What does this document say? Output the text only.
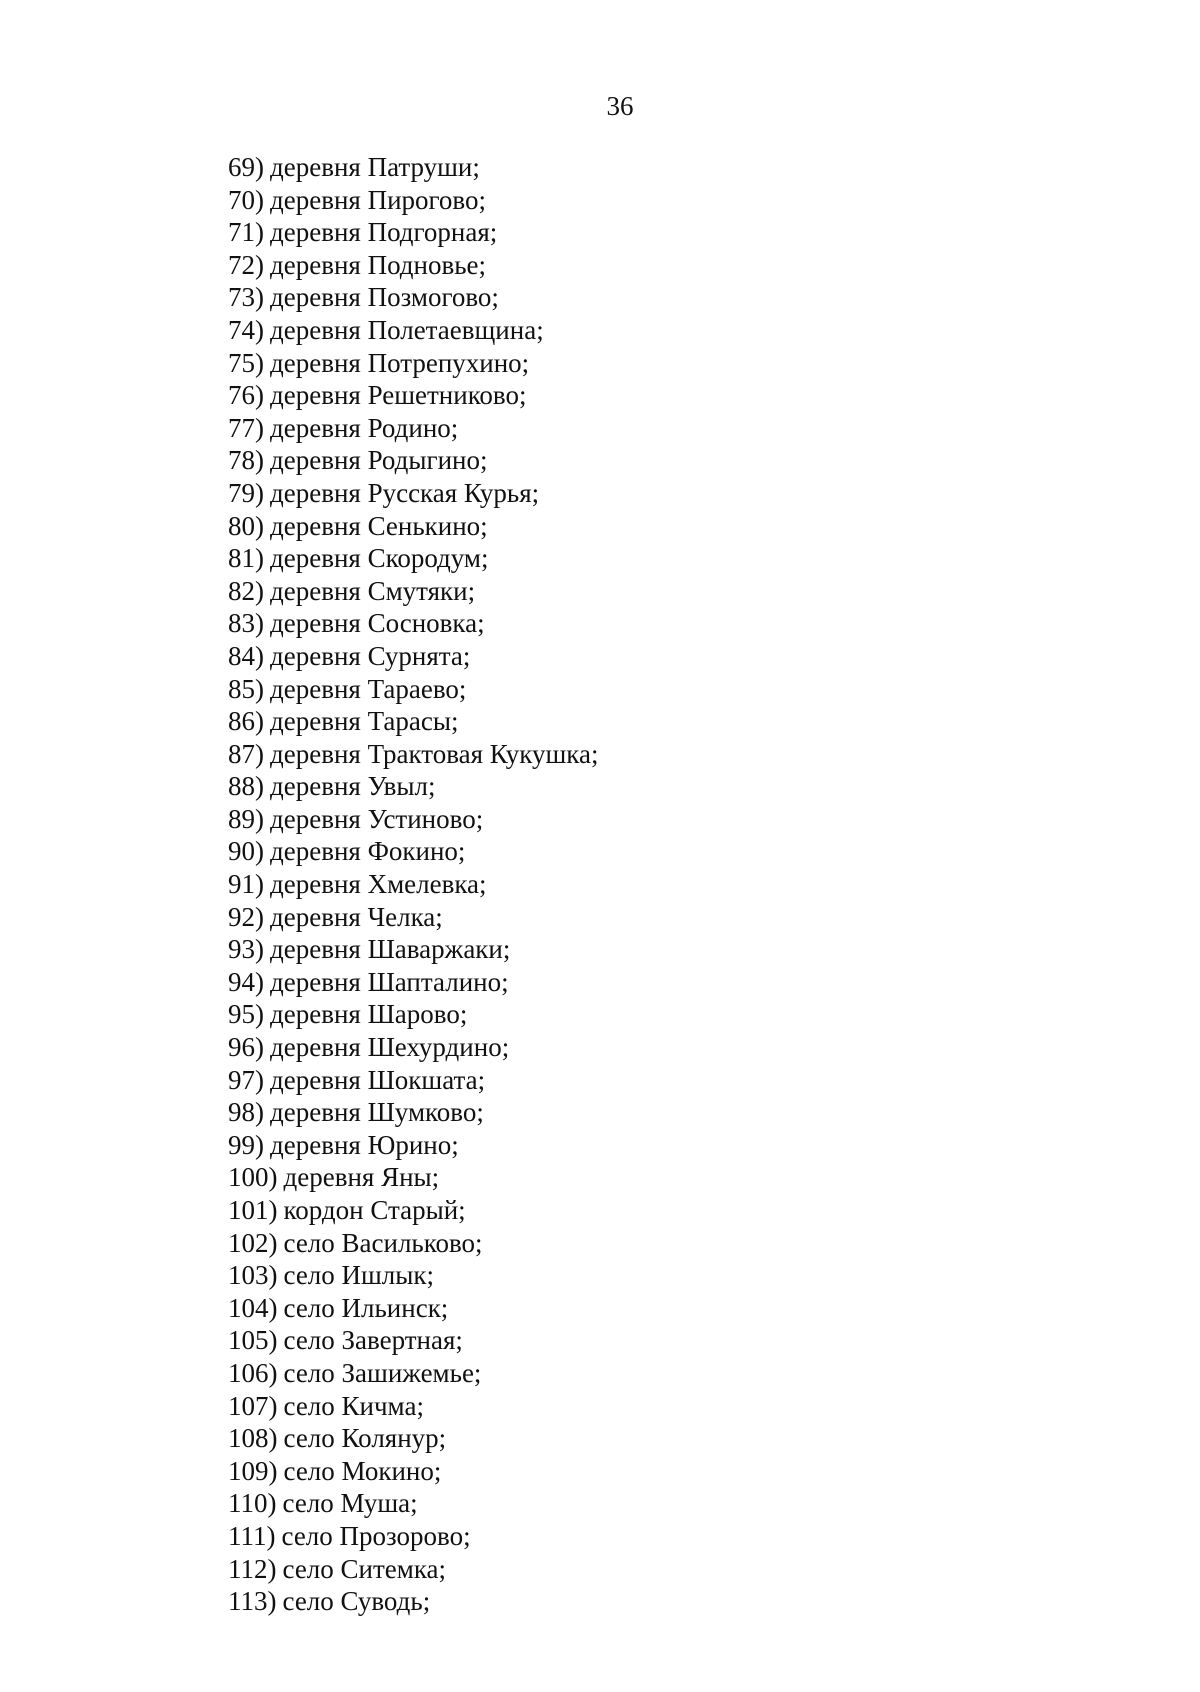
36
69) деревня Патруши;
70) деревня Пирогово;
71) деревня Подгорная;
72) деревня Подновье;
73) деревня Позмогово;
74) деревня Полетаевщина;
75) деревня Потрепухино;
76) деревня Решетниково;
77) деревня Родино;
78) деревня Родыгино;
79) деревня Русская Курья;
80) деревня Сенькино;
81) деревня Скородум;
82) деревня Смутяки;
83) деревня Сосновка;
84) деревня Сурнята;
85) деревня Тараево;
86) деревня Тарасы;
87) деревня Трактовая Кукушка;
88) деревня Увыл;
89) деревня Устиново;
90) деревня Фокино;
91) деревня Хмелевка;
92) деревня Челка;
93) деревня Шаваржаки;
94) деревня Шапталино;
95) деревня Шарово;
96) деревня Шехурдино;
97) деревня Шокшата;
98) деревня Шумково;
99) деревня Юрино;
100) деревня Яны;
101) кордон Старый;
102) село Васильково;
103) село Ишлык;
104) село Ильинск;
105) село Завертная;
106) село Зашижемье;
107) село Кичма;
108) село Колянур;
109) село Мокино;
110) село Муша;
111) село Прозорово;
112) село Ситемка;
113) село Суводь;
